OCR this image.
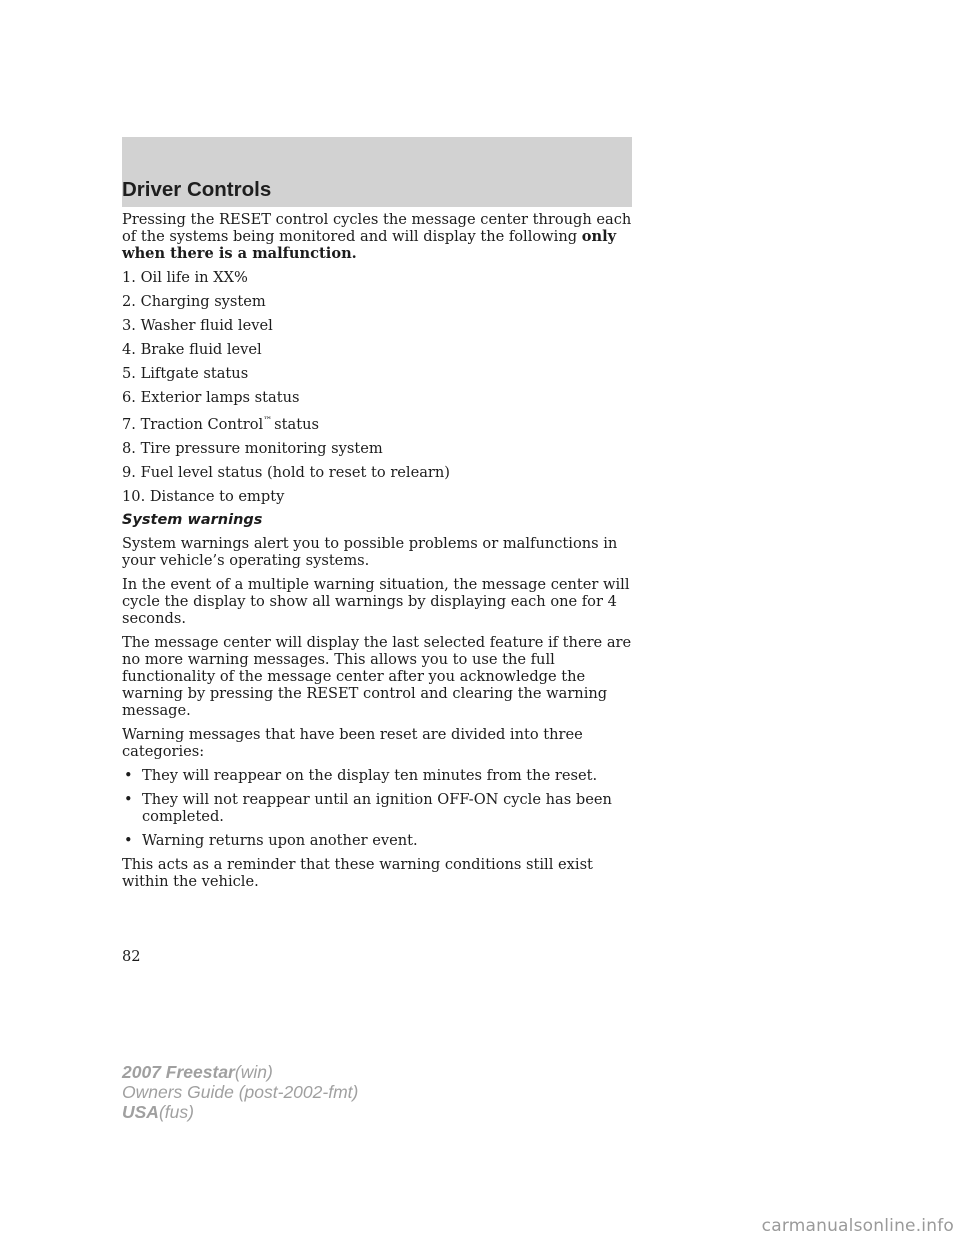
Driver Controls

Pressing the RESET control cycles the message center through each of the systems being monitored and will display the following only when there is a malfunction.

1. Oil life in XX%
2. Charging system
3. Washer fluid level
4. Brake fluid level
5. Liftgate status
6. Exterior lamps status
7. Traction Control™ status
8. Tire pressure monitoring system
9. Fuel level status (hold to reset to relearn)
10. Distance to empty
System warnings

System warnings alert you to possible problems or malfunctions in your vehicle’s operating systems.

In the event of a multiple warning situation, the message center will cycle the display to show all warnings by displaying each one for 4 seconds.

The message center will display the last selected feature if there are no more warning messages. This allows you to use the full functionality of the message center after you acknowledge the warning by pressing the RESET control and clearing the warning message.

Warning messages that have been reset are divided into three categories:

• They will reappear on the display ten minutes from the reset.
• They will not reappear until an ignition OFF-ON cycle has been completed.
• Warning returns upon another event.

This acts as a reminder that these warning conditions still exist within the vehicle.

82
2007 Freestar(win)
Owners Guide (post-2002-fmt)
USA(fus)
carmanualsonline.info
